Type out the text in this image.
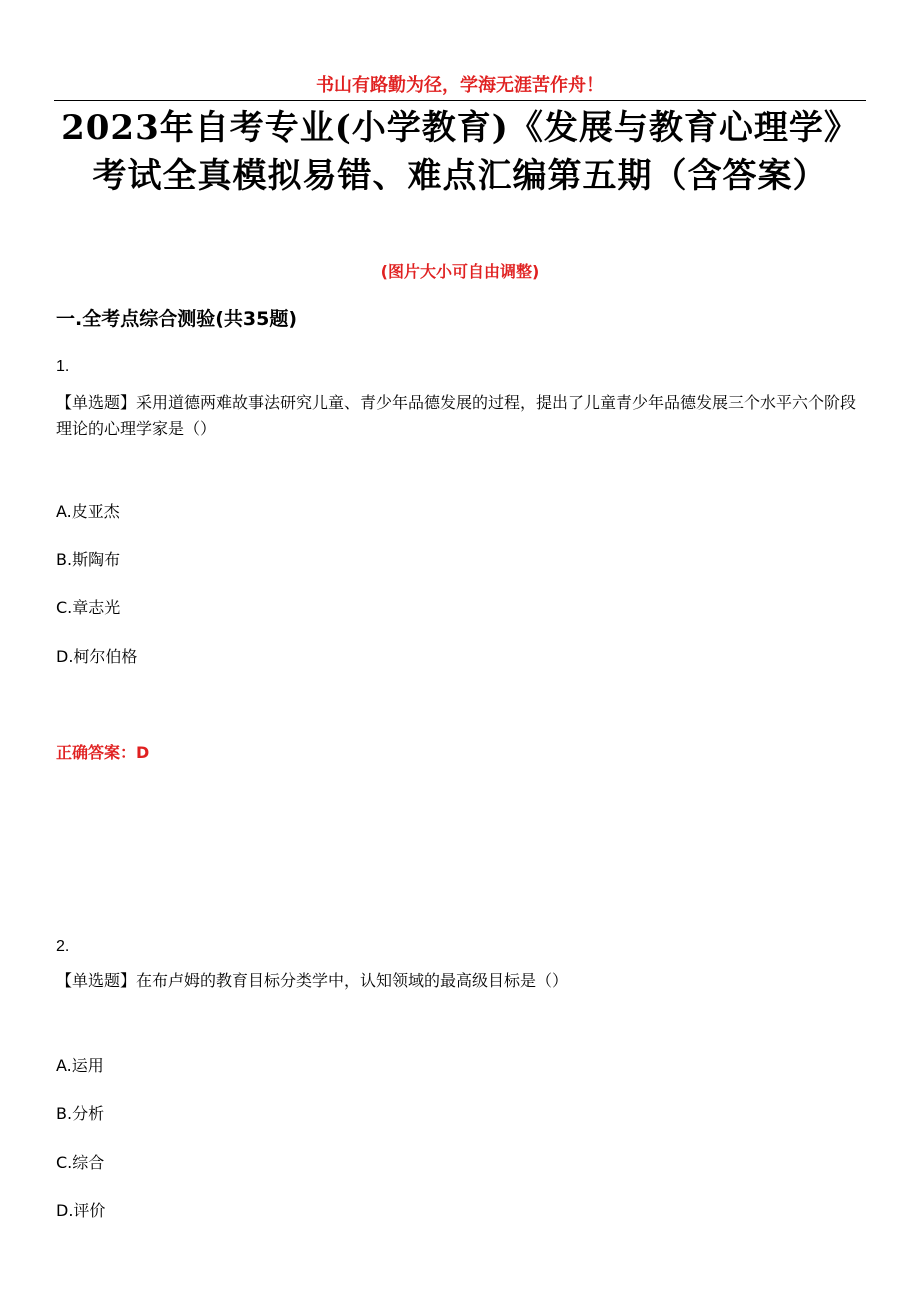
书山有路勤为径，学海无涯苦作舟！
2023年自考专业(小学教育)《发展与教育心理学》考试全真模拟易错、难点汇编第五期（含答案）
(图片大小可自由调整)
一.全考点综合测验(共35题)
1.
【单选题】采用道德两难故事法研究儿童、青少年品德发展的过程，提出了儿童青少年品德发展三个水平六个阶段理论的心理学家是（）
A.皮亚杰
B.斯陶布
C.章志光
D.柯尔伯格
正确答案：D
2.
【单选题】在布卢姆的教育目标分类学中，认知领域的最高级目标是（）
A.运用
B.分析
C.综合
D.评价
